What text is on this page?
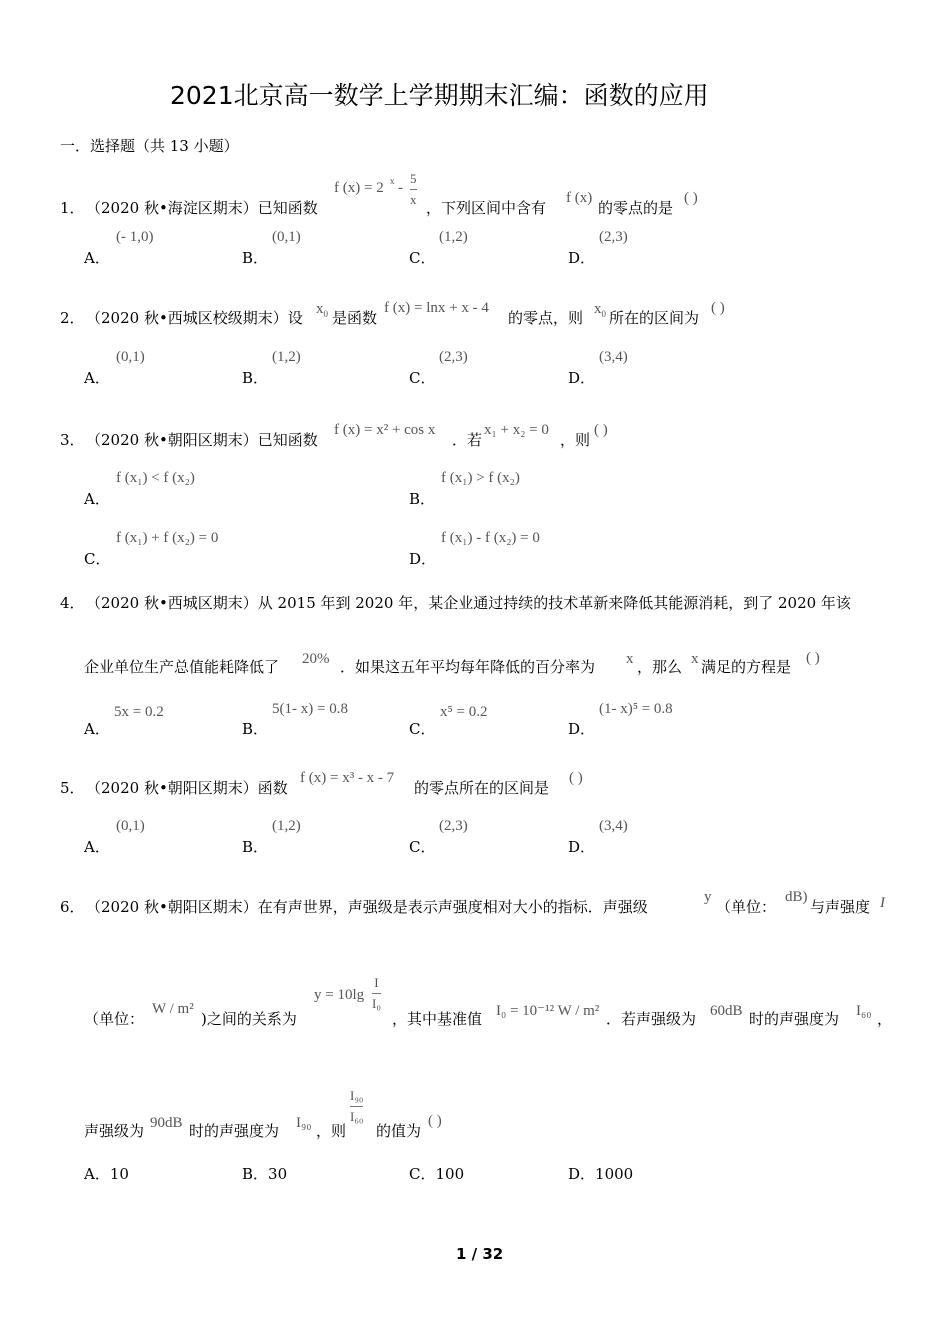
2021北京高一数学上学期期末汇编：函数的应用
一．选择题（共 13 小题）
1． （2020 秋•海淀区期末）已知函数
f (x) = 2 x -
5
x ，下列区间中含有
f (x)
的零点的是
( )
(- 1,0)
A．
(0,1)
B．
(1,2)
C．
(2,3)
D．
2． （2020 秋•西城区校级期末）设 $x_0$ 是函数
f (x) = lnx + x - 4
的零点，则 $x_0$ 所在的区间为
( )
(0,1)
A．
(1,2)
B．
(2,3)
C．
(3,4)
D．
3． （2020 秋•朝阳区期末）已知函数
f (x) = x² + cos x
．若
x₁ + x₂ = 0
，则
( )
f (x₁) < f (x₂)
A．
f (x₁) > f (x₂)
B．
f (x₁) + f (x₂) = 0
C．
f (x₁) - f (x₂) = 0
D．
4． （2020 秋•西城区期末）从 2015 年到 2020 年，某企业通过持续的技术革新来降低其能源消耗，到了 2020 年该
企业单位生产总值能耗降低了 20% ．如果这五年平均每年降低的百分率为 x ，那么 x 满足的方程是 ( )
5x = 0.2
A．
5(1- x) = 0.8
B．
x⁵ = 0.2
C．
(1- x)⁵ = 0.8
D．
5． （2020 秋•朝阳区期末）函数
f (x) = x³ - x - 7
的零点所在的区间是
( )
(0,1)
A．
(1,2)
B．
(2,3)
C．
(3,4)
D．
6． （2020 秋•朝阳区期末）在有声世界，声强级是表示声强度相对大小的指标．声强级
y
（单位：
dB)
与声强度 I
（单位：
W / m²
)之间的关系为
y = 10lg
I
I₀
，其中基准值 I₀ = 10⁻¹² W / m² ．若声强级为 60dB 时的声强度为 I₆₀ ，
声强级为 90dB 时的声强度为 I₉₀ ，则
I₉₀
I₆₀
的值为
( )
A．10	B．30	C．100	D．1000
1 / 32
